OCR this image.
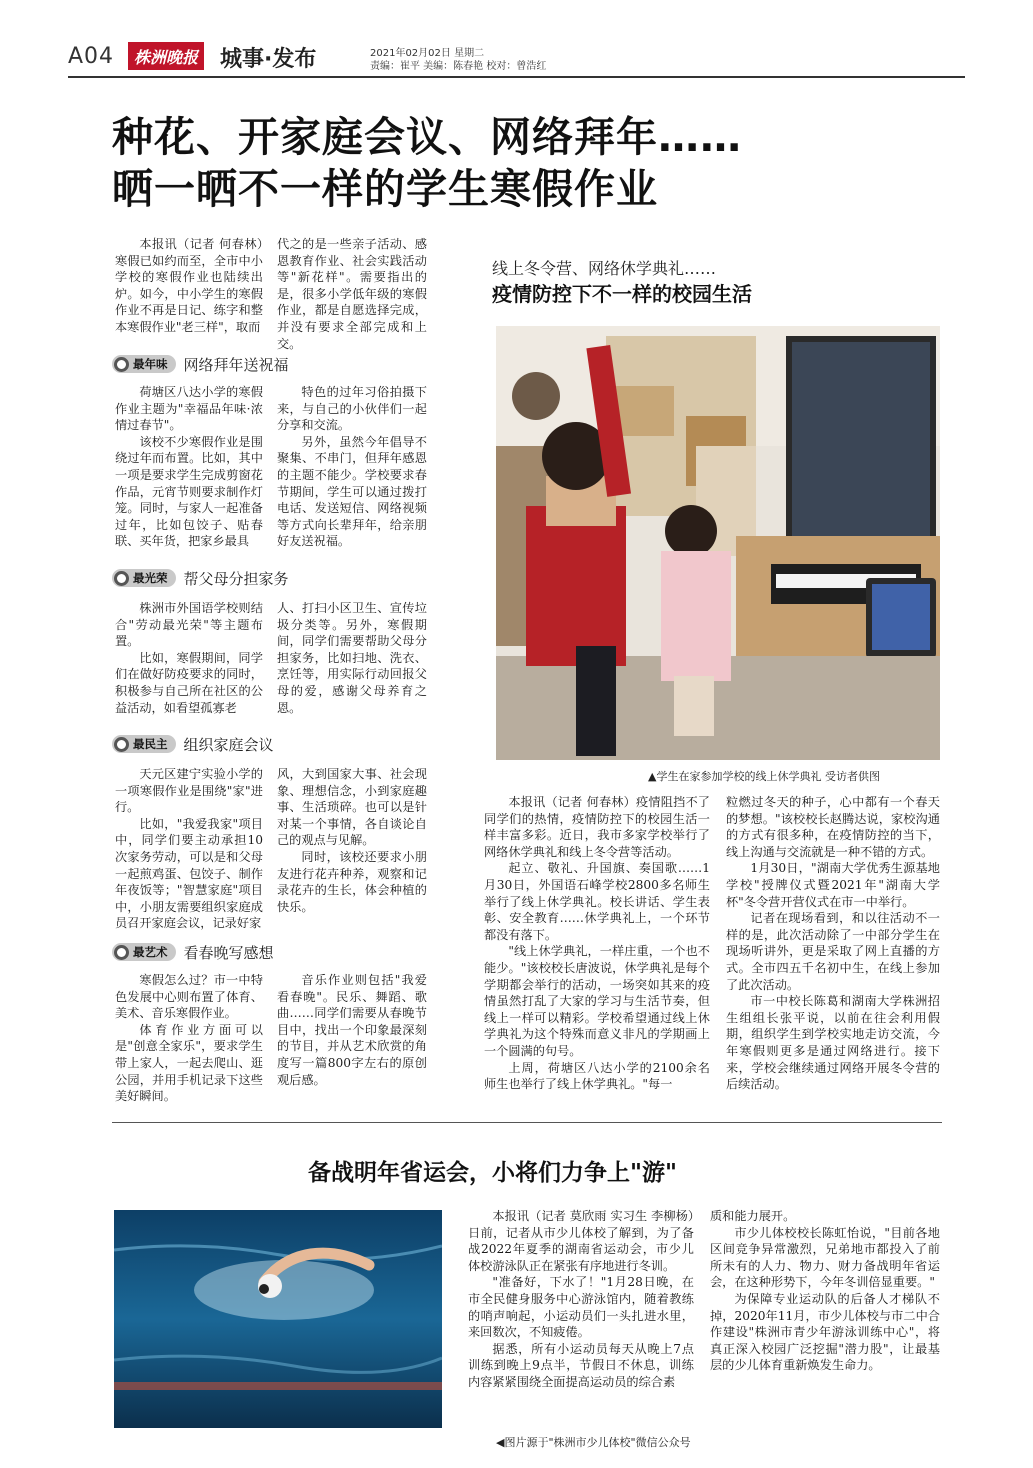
A04	株洲晚报 城事·发布	2021年02月02日 星期二
责编：崔平 美编：陈春艳 校对：曾浩红
种花、开家庭会议、网络拜年……
晒一晒不一样的学生寒假作业
本报讯（记者 何春林）寒假已如约而至，全市中小学校的寒假作业也陆续出炉。如今，中小学生的寒假作业不再是日记、练字和整本寒假作业"老三样"，取而
代之的是一些亲子活动、感恩教育作业、社会实践活动等"新花样"。需要指出的是，很多小学低年级的寒假作业，都是自愿选择完成，并没有要求全部完成和上交。
最年味 网络拜年送祝福

荷塘区八达小学的寒假作业主题为"幸福品年味·浓情过春节"。

该校不少寒假作业是围绕过年而布置。比如，其中一项是要求学生完成剪窗花作品，元宵节则要求制作灯笼。同时，与家人一起准备过年，比如包饺子、贴春联、买年货，把家乡最具

特色的过年习俗拍摄下来，与自己的小伙伴们一起分享和交流。

另外，虽然今年倡导不聚集、不串门，但拜年感恩的主题不能少。学校要求春节期间，学生可以通过拨打电话、发送短信、网络视频等方式向长辈拜年，给亲朋好友送祝福。

最光荣 帮父母分担家务

株洲市外国语学校则结合"劳动最光荣"等主题布置。

比如，寒假期间，同学们在做好防疫要求的同时，积极参与自己所在社区的公益活动，如看望孤寡老

人、打扫小区卫生、宣传垃圾分类等。另外，寒假期间，同学们需要帮助父母分担家务，比如扫地、洗衣、烹饪等，用实际行动回报父母的爱，感谢父母养育之恩。

最民主 组织家庭会议

天元区建宁实验小学的一项寒假作业是围绕"家"进行。

比如，"我爱我家"项目中，同学们要主动承担10次家务劳动，可以是和父母一起煎鸡蛋、包饺子、制作年夜饭等；"智慧家庭"项目中，小朋友需要组织家庭成员召开家庭会议，记录好家

风，大到国家大事、社会现象、理想信念，小到家庭趣事、生活琐碎。也可以是针对某一个事情，各自谈论自己的观点与见解。

同时，该校还要求小朋友进行花卉种养，观察和记录花卉的生长，体会种植的快乐。

最艺术 看春晚写感想

寒假怎么过？市一中特色发展中心则布置了体育、美术、音乐寒假作业。

体育作业方面可以是"创意全家乐"，要求学生带上家人，一起去爬山、逛公园，并用手机记录下这些美好瞬间。

音乐作业则包括"我爱看春晚"。民乐、舞蹈、歌曲……同学们需要从春晚节目中，找出一个印象最深刻的节目，并从艺术欣赏的角度写一篇800字左右的原创观后感。

线上冬令营、网络休学典礼……
疫情防控下不一样的校园生活
▲学生在家参加学校的线上休学典礼 受访者供图

本报讯（记者 何春林）疫情阻挡不了同学们的热情，疫情防控下的校园生活一样丰富多彩。近日，我市多家学校举行了网络休学典礼和线上冬令营等活动。

起立、敬礼、升国旗、奏国歌……1月30日，外国语石峰学校2800多名师生举行了线上休学典礼。校长讲话、学生表彰、安全教育……休学典礼上，一个环节都没有落下。

"线上休学典礼，一样庄重，一个也不能少。"该校校长唐波说，休学典礼是每个学期都会举行的活动，一场突如其来的疫情虽然打乱了大家的学习与生活节奏，但线上一样可以精彩。学校希望通过线上休学典礼为这个特殊而意义非凡的学期画上一个圆满的句号。

上周，荷塘区八达小学的2100余名师生也举行了线上休学典礼。"每一

粒燃过冬天的种子，心中都有一个春天的梦想。"该校校长赵腾达说，家校沟通的方式有很多种，在疫情防控的当下，线上沟通与交流就是一种不错的方式。

1月30日，"湖南大学优秀生源基地学校"授牌仪式暨2021年"湖南大学杯"冬令营开营仪式在市一中举行。

记者在现场看到，和以往活动不一样的是，此次活动除了一中部分学生在现场听讲外，更是采取了网上直播的方式。全市四五千名初中生，在线上参加了此次活动。

市一中校长陈葛和湖南大学株洲招生组组长张平说，以前在往会利用假期，组织学生到学校实地走访交流，今年寒假则更多是通过网络进行。接下来，学校会继续通过网络开展冬令营的后续活动。

备战明年省运会，小将们力争上"游"

本报讯（记者 莫欣雨 实习生 李柳杨）日前，记者从市少儿体校了解到，为了备战2022年夏季的湖南省运动会，市少儿体校游泳队正在紧张有序地进行冬训。

"准备好，下水了！"1月28日晚，在市全民健身服务中心游泳馆内，随着教练的哨声响起，小运动员们一头扎进水里，来回数次，不知疲倦。

据悉，所有小运动员每天从晚上7点训练到晚上9点半，节假日不休息，训练内容紧紧围绕全面提高运动员的综合素

质和能力展开。

市少儿体校校长陈虹怡说，"目前各地区间竞争异常激烈，兄弟地市都投入了前所未有的人力、物力、财力备战明年省运会，在这种形势下，今年冬训倍显重要。"

为保障专业运动队的后备人才梯队不掉，2020年11月，市少儿体校与市二中合作建设"株洲市青少年游泳训练中心"，将真正深入校园广泛挖掘"潜力股"，让最基层的少儿体育重新焕发生命力。

◀图片源于"株洲市少儿体校"微信公众号
